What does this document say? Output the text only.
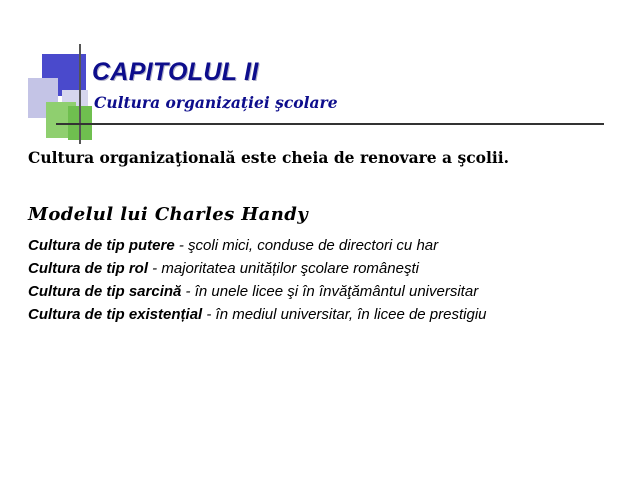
CAPITOLUL II
Cultura organizației şcolare

Cultura organizaţională este cheia de renovare a şcolii.

Modelul lui Charles Handy

Cultura de tip putere - şcoli mici, conduse de directori cu har
Cultura de tip rol - majoritatea unităților şcolare româneşti
Cultura de tip sarcină - în unele licee şi în învăţământul universitar
Cultura de tip existențial - în mediul universitar, în licee de prestigiu
